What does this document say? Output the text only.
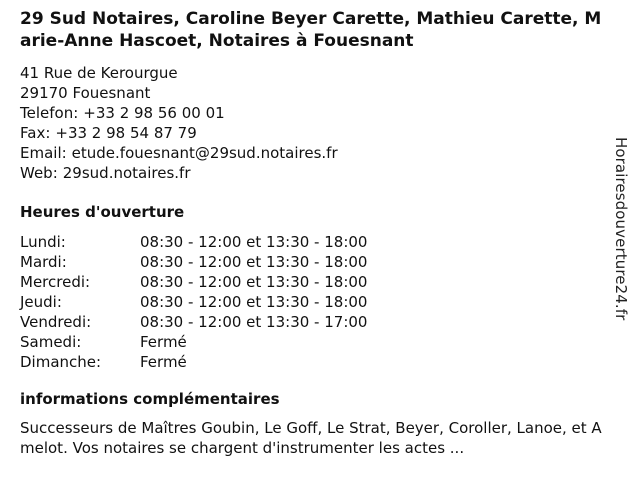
29 Sud Notaires, Caroline Beyer Carette, Mathieu Carette, Marie-Anne Hascoet, Notaires à Fouesnant
41 Rue de Kerourgue
29170 Fouesnant
Telefon: +33 2 98 56 00 01
Fax: +33 2 98 54 87 79
Email: etude.fouesnant@29sud.notaires.fr
Web: 29sud.notaires.fr
Heures d'ouverture
Lundi:	08:30 - 12:00 et 13:30 - 18:00
Mardi:	08:30 - 12:00 et 13:30 - 18:00
Mercredi:	08:30 - 12:00 et 13:30 - 18:00
Jeudi:	08:30 - 12:00 et 13:30 - 18:00
Vendredi:	08:30 - 12:00 et 13:30 - 17:00
Samedi:	Fermé
Dimanche:	Fermé
informations complémentaires
Successeurs de Maîtres Goubin, Le Goff, Le Strat, Beyer, Coroller, Lanoe, et Amelot. Vos notaires se chargent d'instrumenter les actes ...
Horairesdouverture24.fr
